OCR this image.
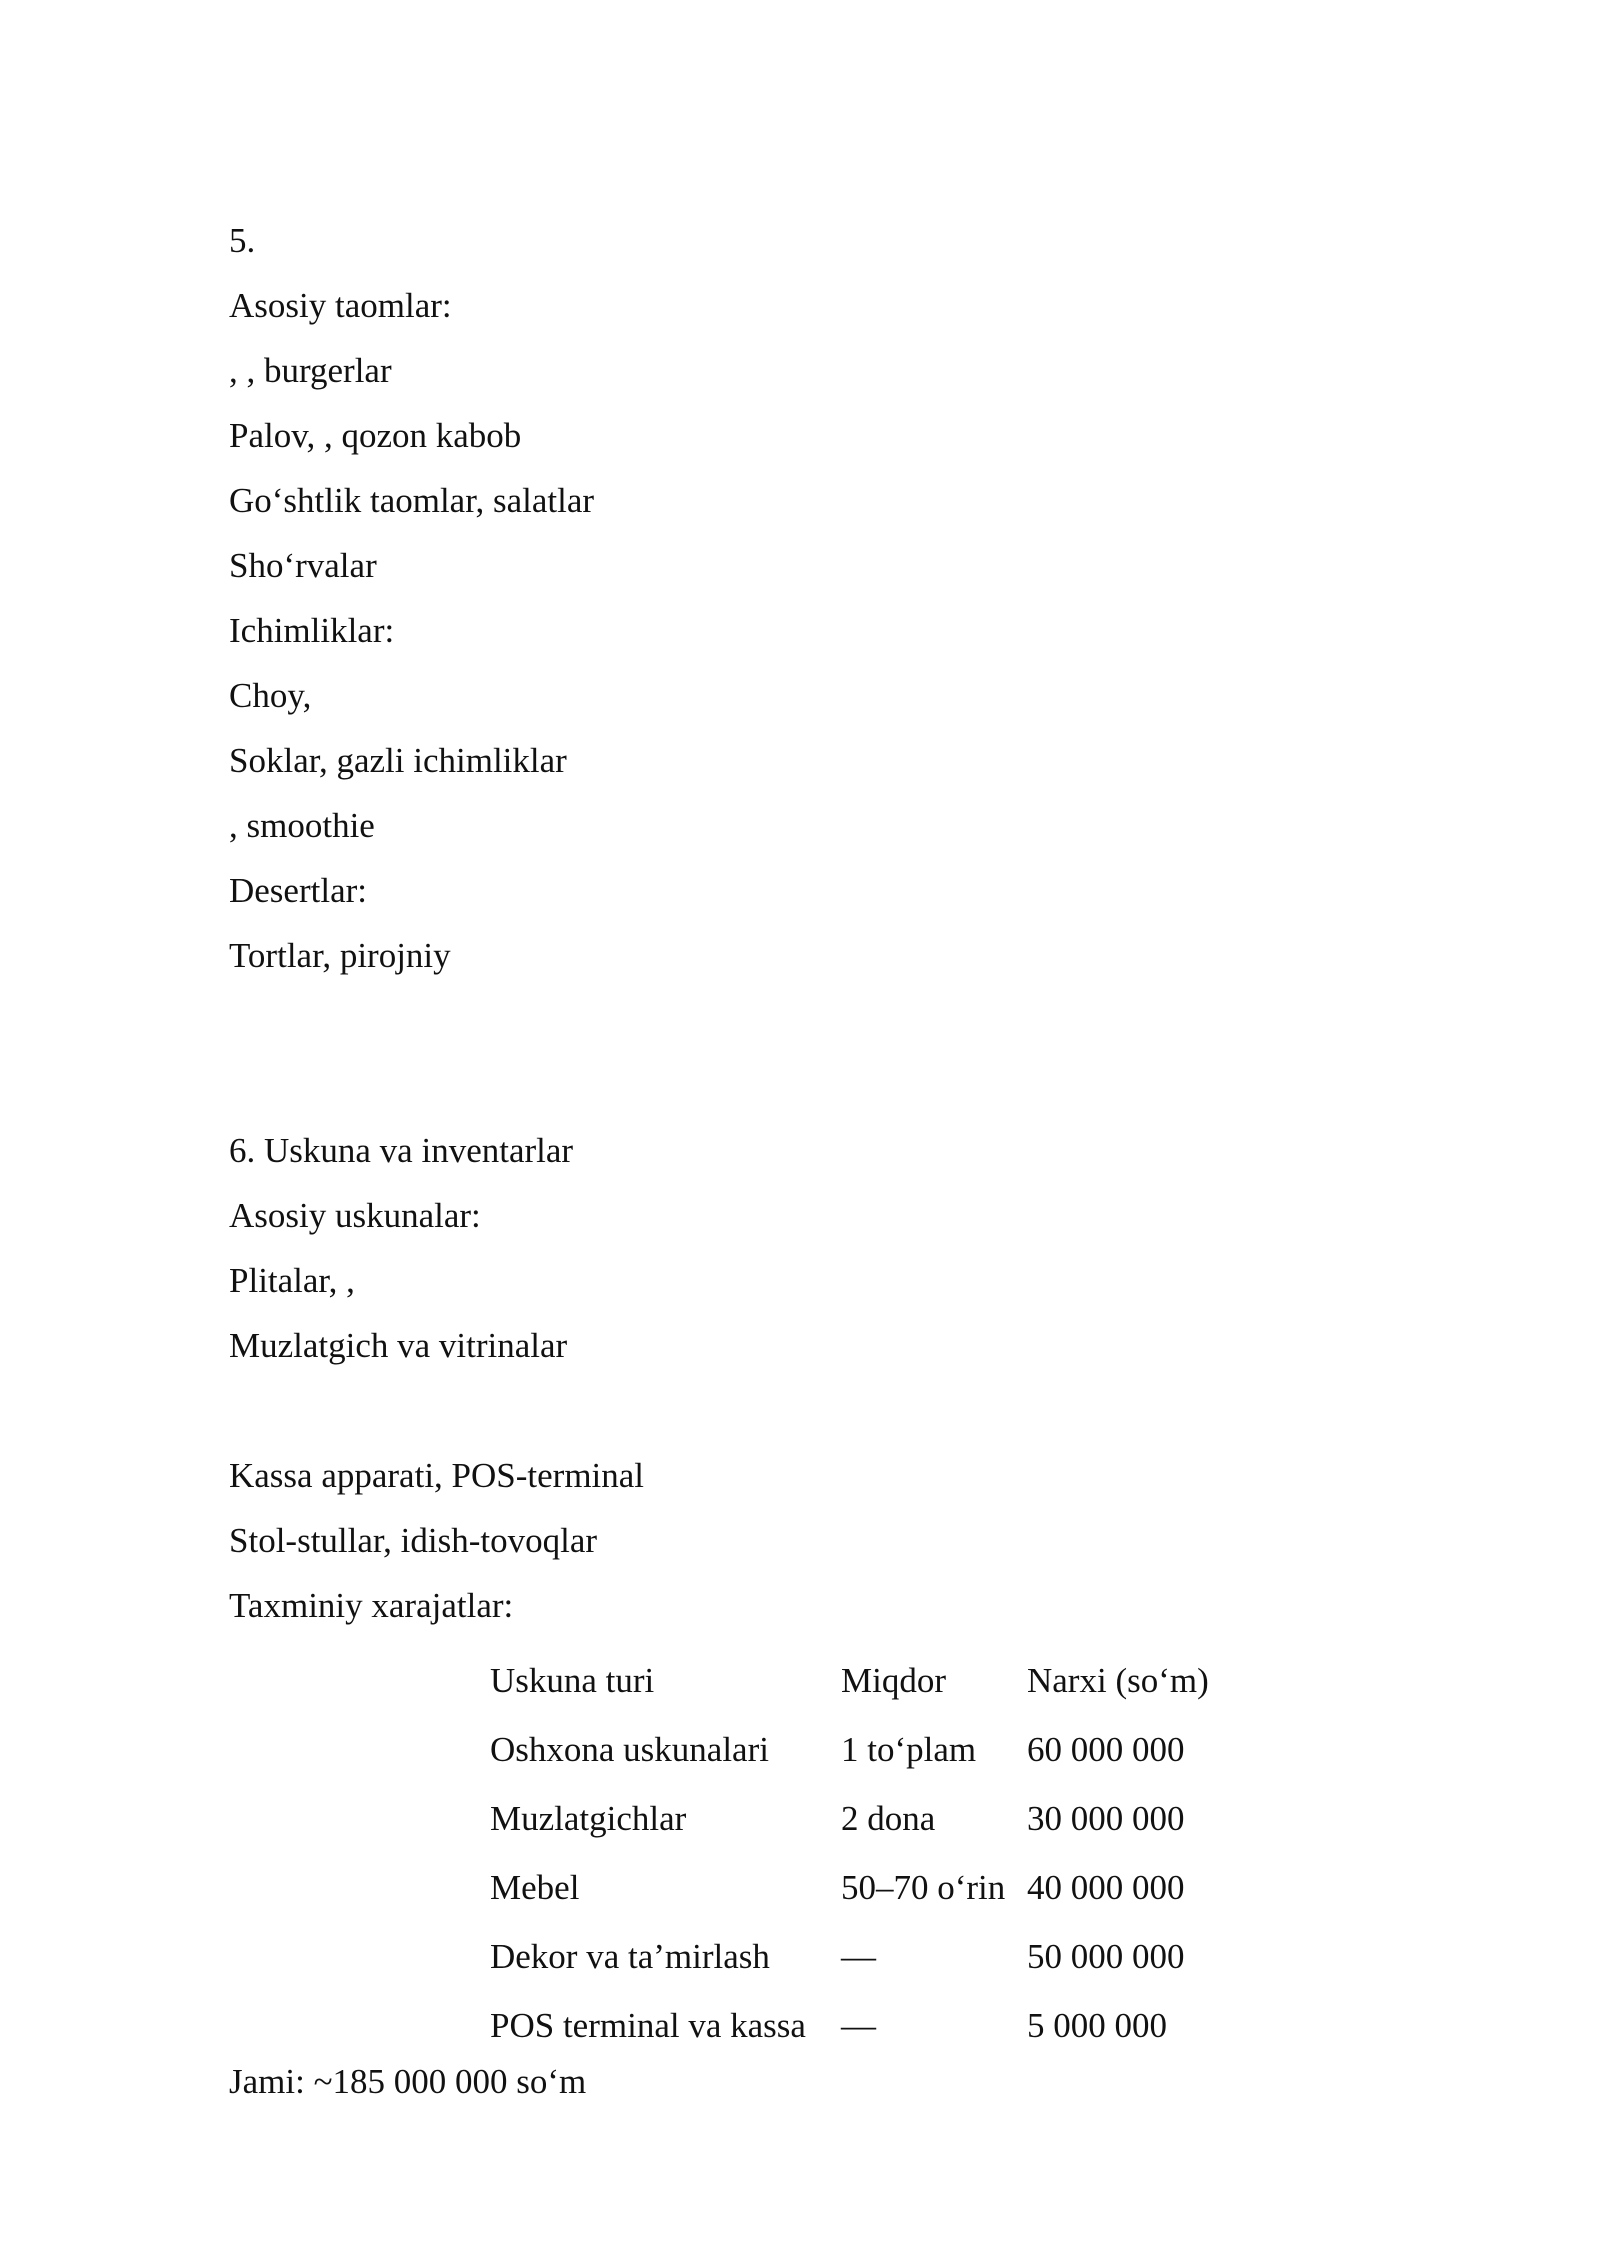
5.
Asosiy taomlar:
, , burgerlar
Palov, , qozon kabob
Go‘shtlik taomlar, salatlar
Sho‘rvalar
Ichimliklar:
Choy,
Soklar, gazli ichimliklar
, smoothie
Desertlar:
Tortlar, pirojniy
6. Uskuna va inventarlar
Asosiy uskunalar:
Plitalar, ,
Muzlatgich va vitrinalar
Kassa apparati, POS-terminal
Stol-stullar, idish-tovoqlar
Taxminiy xarajatlar:
Uskuna turi	Miqdor	Narxi (so‘m)
Oshxona uskunalari	1 to‘plam	60 000 000
Muzlatgichlar	2 dona	30 000 000
Mebel	50–70 o‘rin	40 000 000
Dekor va ta’mirlash	—	50 000 000
POS terminal va kassa	—	5 000 000
Jami: ~185 000 000 so‘m
